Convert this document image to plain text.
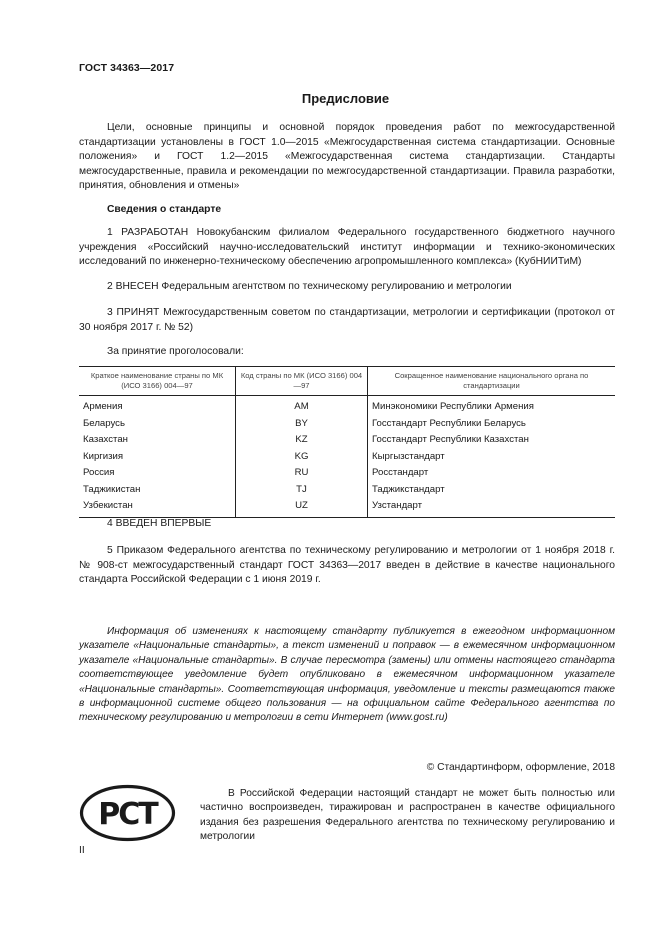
ГОСТ 34363—2017
Предисловие
Цели, основные принципы и основной порядок проведения работ по межгосударственной стандартизации установлены в ГОСТ 1.0—2015 «Межгосударственная система стандартизации. Основные положения» и ГОСТ 1.2—2015 «Межгосударственная система стандартизации. Стандарты межгосударственные, правила и рекомендации по межгосударственной стандартизации. Правила разработки, принятия, обновления и отмены»
Сведения о стандарте
1 РАЗРАБОТАН Новокубанским филиалом Федерального государственного бюджетного научного учреждения «Российский научно-исследовательский институт информации и технико-экономических исследований по инженерно-техническому обеспечению агропромышленного комплекса» (КубНИИТиМ)
2 ВНЕСЕН Федеральным агентством по техническому регулированию и метрологии
3 ПРИНЯТ Межгосударственным советом по стандартизации, метрологии и сертификации (протокол от 30 ноября 2017 г. № 52)
За принятие проголосовали:
Краткое наименование страны по МК (ИСО 3166) 004—97	Код страны по МК (ИСО 3166) 004—97	Сокращенное наименование национального органа по стандартизации
Армения	AM	Минэкономики Республики Армения
Беларусь	BY	Госстандарт Республики Беларусь
Казахстан	KZ	Госстандарт Республики Казахстан
Киргизия	KG	Кыргызстандарт
Россия	RU	Росстандарт
Таджикистан	TJ	Таджикстандарт
Узбекистан	UZ	Узстандарт
4 ВВЕДЕН ВПЕРВЫЕ
5 Приказом Федерального агентства по техническому регулированию и метрологии от 1 ноября 2018 г. № 908-ст межгосударственный стандарт ГОСТ 34363—2017 введен в действие в качестве национального стандарта Российской Федерации с 1 июня 2019 г.
Информация об изменениях к настоящему стандарту публикуется в ежегодном информационном указателе «Национальные стандарты», а текст изменений и поправок — в ежемесячном информационном указателе «Национальные стандарты». В случае пересмотра (замены) или отмены настоящего стандарта соответствующее уведомление будет опубликовано в ежемесячном информационном указателе «Национальные стандарты». Соответствующая информация, уведомление и тексты размещаются также в информационной системе общего пользования — на официальном сайте Федерального агентства по техническому регулированию и метрологии в сети Интернет (www.gost.ru)
© Стандартинформ, оформление, 2018
РСТ
В Российской Федерации настоящий стандарт не может быть полностью или частично воспроизведен, тиражирован и распространен в качестве официального издания без разрешения Федерального агентства по техническому регулированию и метрологии
II
